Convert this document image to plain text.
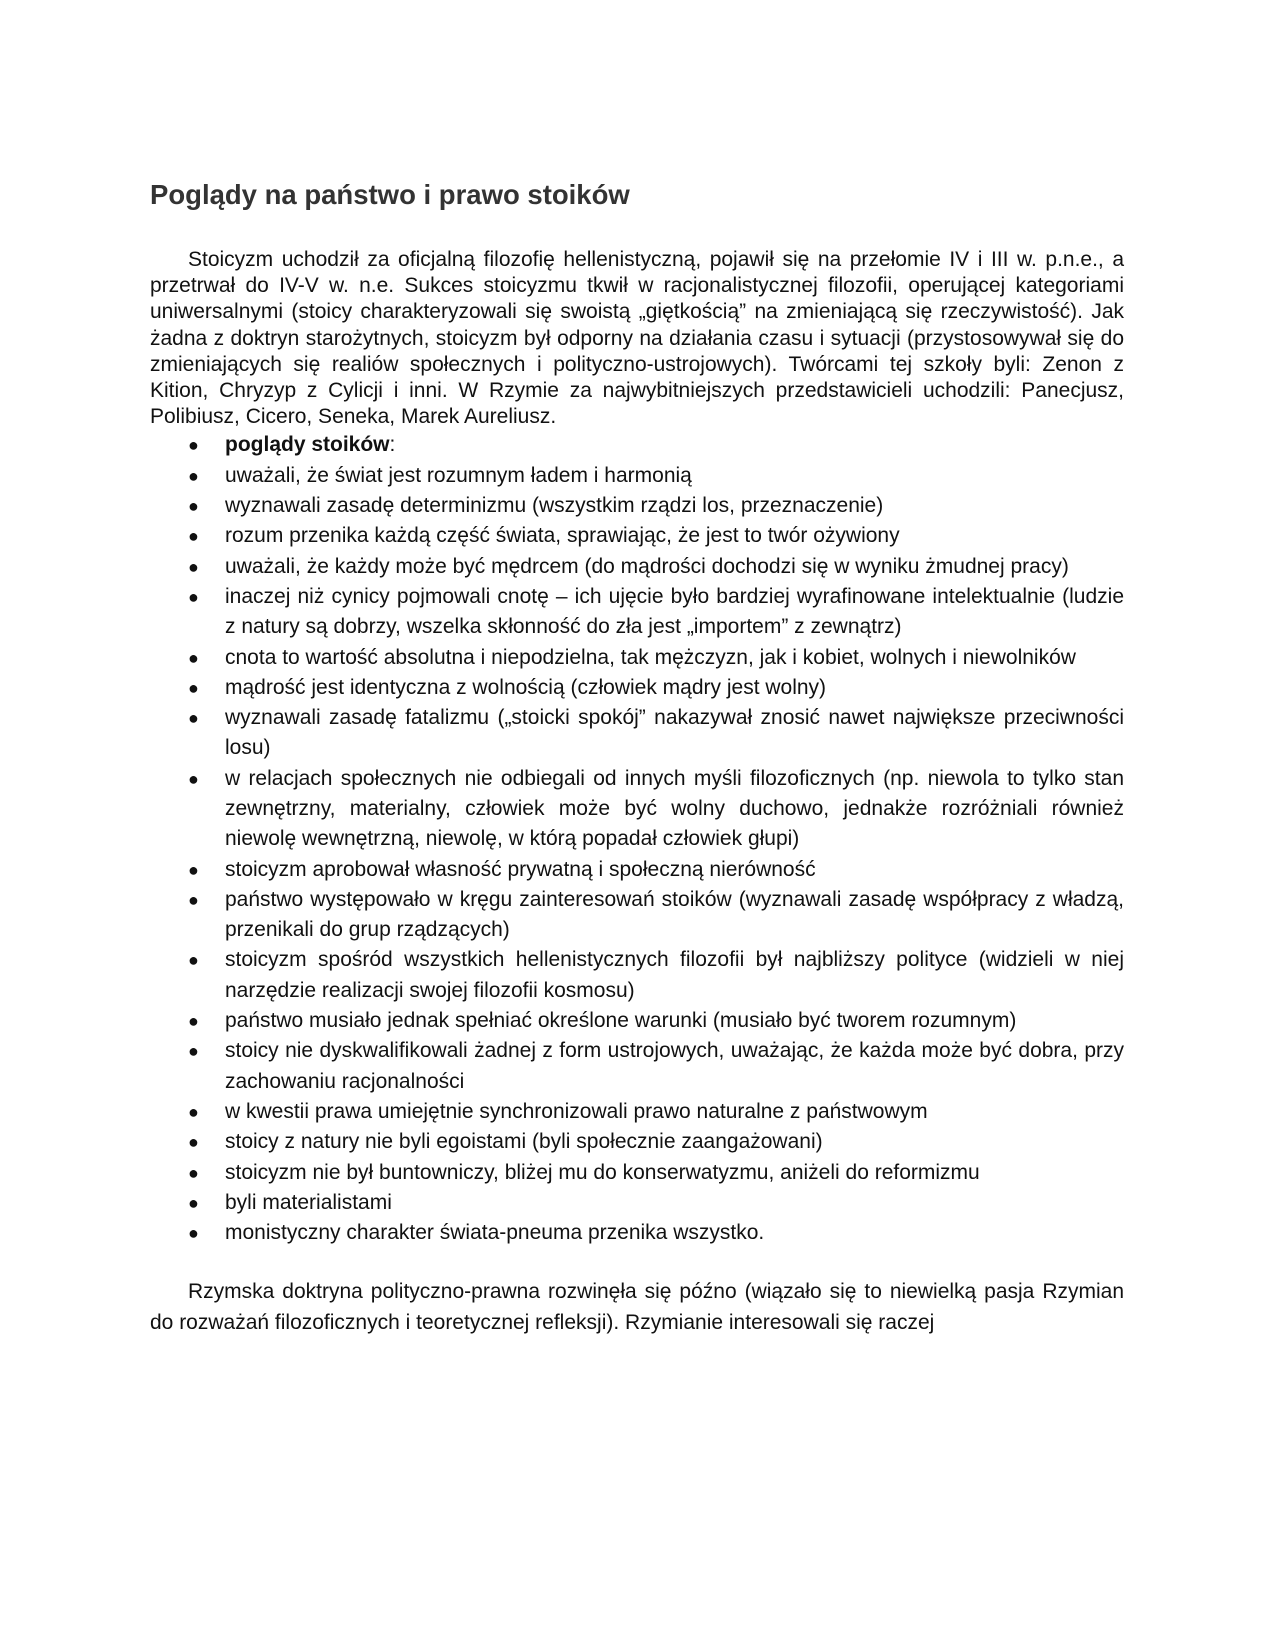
Poglądy na państwo i prawo stoików

Stoicyzm uchodził za oficjalną filozofię hellenistyczną, pojawił się na przełomie IV i III w. p.n.e., a przetrwał do IV-V w. n.e. Sukces stoicyzmu tkwił w racjonalistycznej filozofii, operującej kategoriami uniwersalnymi (stoicy charakteryzowali się swoistą „giętkością” na zmieniającą się rzeczywistość). Jak żadna z doktryn starożytnych, stoicyzm był odporny na działania czasu i sytuacji (przystosowywał się do zmieniających się realiów społecznych i polityczno-ustrojowych). Twórcami tej szkoły byli: Zenon z Kition, Chryzyp z Cylicji i inni. W Rzymie za najwybitniejszych przedstawicieli uchodzili: Panecjusz, Polibiusz, Cicero, Seneka, Marek Aureliusz.

● poglądy stoików:
● uważali, że świat jest rozumnym ładem i harmonią
● wyznawali zasadę determinizmu (wszystkim rządzi los, przeznaczenie)
● rozum przenika każdą część świata, sprawiając, że jest to twór ożywiony
● uważali, że każdy może być mędrcem (do mądrości dochodzi się w wyniku żmudnej pracy)
● inaczej niż cynicy pojmowali cnotę – ich ujęcie było bardziej wyrafinowane intelektualnie (ludzie z natury są dobrzy, wszelka skłonność do zła jest „importem” z zewnątrz)
● cnota to wartość absolutna i niepodzielna, tak mężczyzn, jak i kobiet, wolnych i niewolników
● mądrość jest identyczna z wolnością (człowiek mądry jest wolny)
● wyznawali zasadę fatalizmu („stoicki spokój” nakazywał znosić nawet największe przeciwności losu)
● w relacjach społecznych nie odbiegali od innych myśli filozoficznych (np. niewola to tylko stan zewnętrzny, materialny, człowiek może być wolny duchowo, jednakże rozróżniali również niewolę wewnętrzną, niewolę, w którą popadał człowiek głupi)
● stoicyzm aprobował własność prywatną i społeczną nierówność
● państwo występowało w kręgu zainteresowań stoików (wyznawali zasadę współpracy z władzą, przenikali do grup rządzących)
● stoicyzm spośród wszystkich hellenistycznych filozofii był najbliższy polityce (widzieli w niej narzędzie realizacji swojej filozofii kosmosu)
● państwo musiało jednak spełniać określone warunki (musiało być tworem rozumnym)
● stoicy nie dyskwalifikowali żadnej z form ustrojowych, uważając, że każda może być dobra, przy zachowaniu racjonalności
● w kwestii prawa umiejętnie synchronizowali prawo naturalne z państwowym
● stoicy z natury nie byli egoistami (byli społecznie zaangażowani)
● stoicyzm nie był buntowniczy, bliżej mu do konserwatyzmu, aniżeli do reformizmu
● byli materialistami
● monistyczny charakter świata-pneuma przenika wszystko.

Rzymska doktryna polityczno-prawna rozwinęła się późno (wiązało się to niewielką pasja Rzymian do rozważań filozoficznych i teoretycznej refleksji). Rzymianie interesowali się raczej
